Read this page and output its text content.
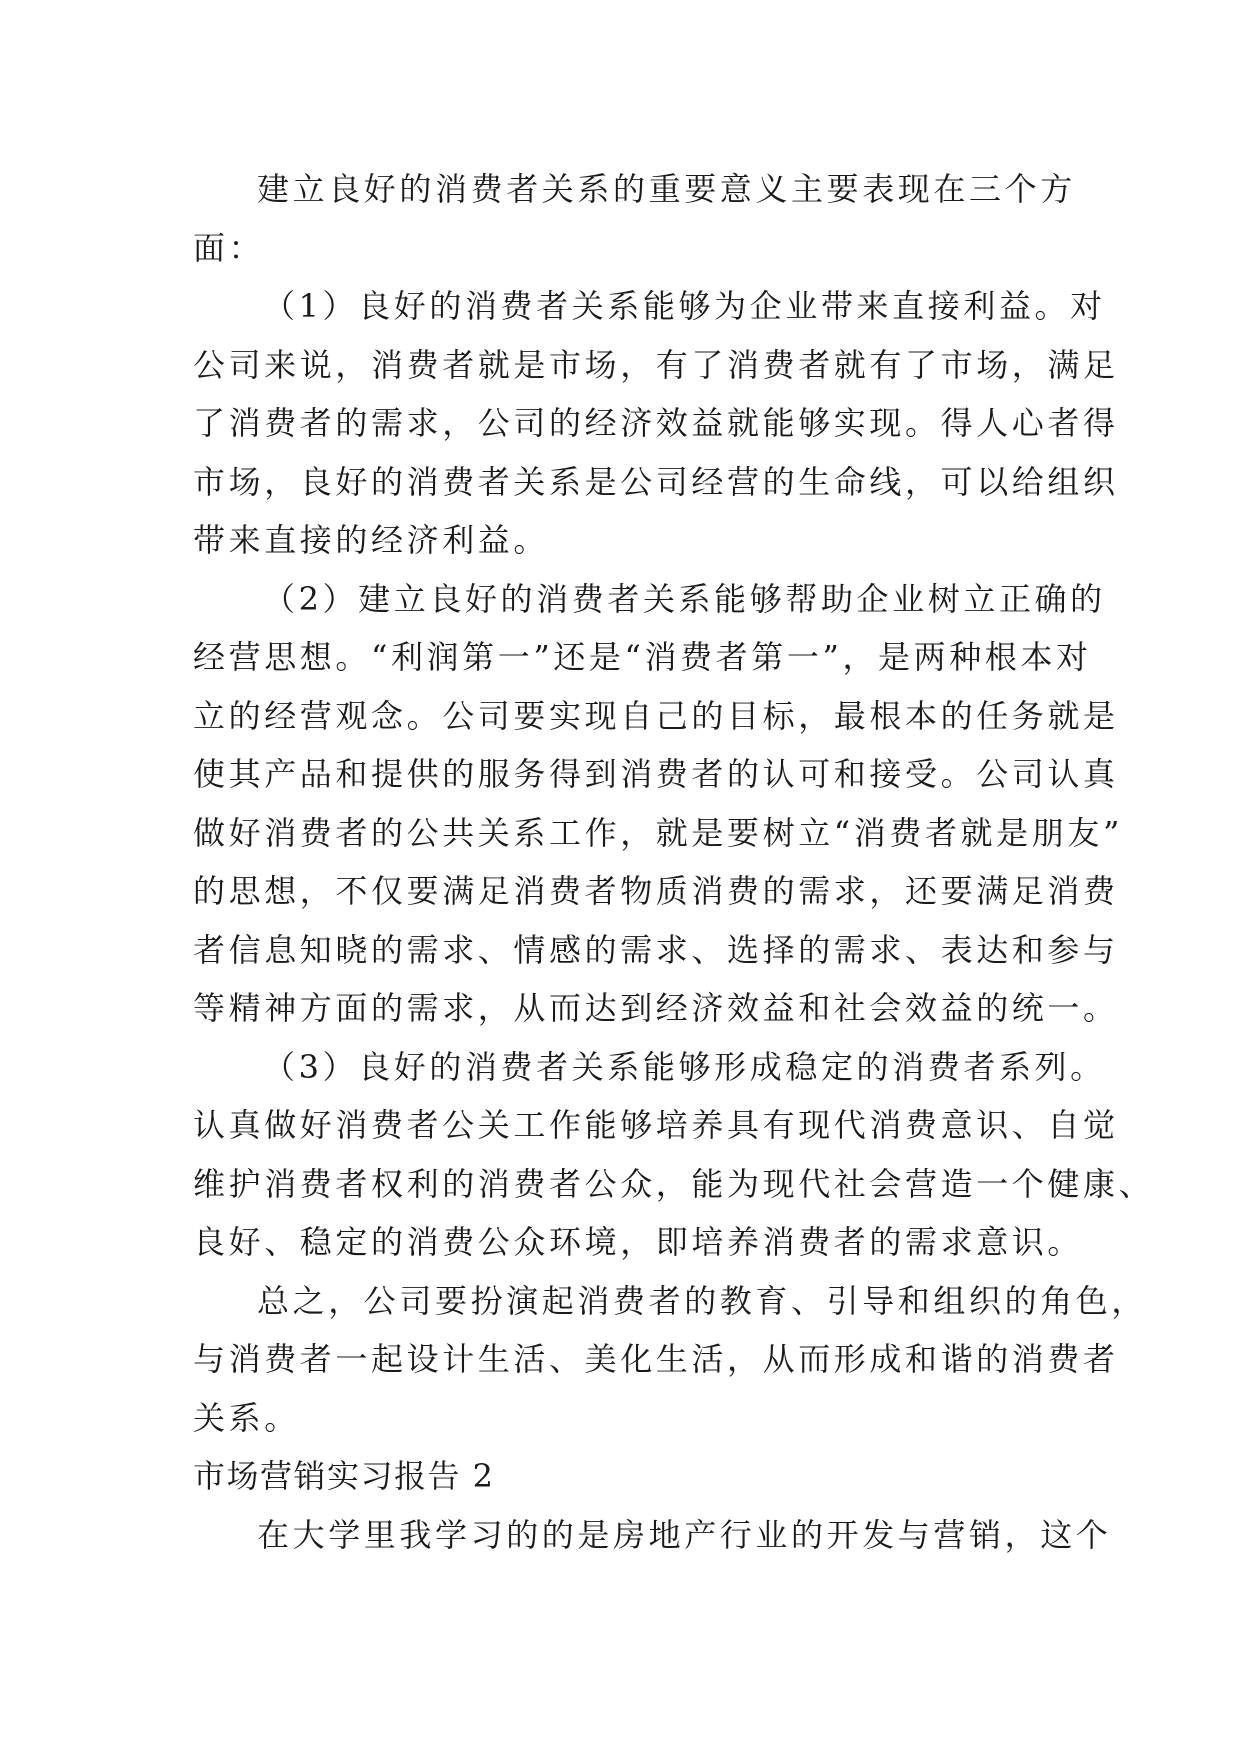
建立良好的消费者关系的重要意义主要表现在三个方
面：
（1）良好的消费者关系能够为企业带来直接利益。对
公司来说，消费者就是市场，有了消费者就有了市场，满足
了消费者的需求，公司的经济效益就能够实现。得人心者得
市场，良好的消费者关系是公司经营的生命线，可以给组织
带来直接的经济利益。
（2）建立良好的消费者关系能够帮助企业树立正确的
经营思想。“利润第一”还是“消费者第一”，是两种根本对
立的经营观念。公司要实现自己的目标，最根本的任务就是
使其产品和提供的服务得到消费者的认可和接受。公司认真
做好消费者的公共关系工作，就是要树立“消费者就是朋友”
的思想，不仅要满足消费者物质消费的需求，还要满足消费
者信息知晓的需求、情感的需求、选择的需求、表达和参与
等精神方面的需求，从而达到经济效益和社会效益的统一。
（3）良好的消费者关系能够形成稳定的消费者系列。
认真做好消费者公关工作能够培养具有现代消费意识、自觉
维护消费者权利的消费者公众，能为现代社会营造一个健康、
良好、稳定的消费公众环境，即培养消费者的需求意识。
总之，公司要扮演起消费者的教育、引导和组织的角色，
与消费者一起设计生活、美化生活，从而形成和谐的消费者
关系。
市场营销实习报告 2
在大学里我学习的的是房地产行业的开发与营销，这个
